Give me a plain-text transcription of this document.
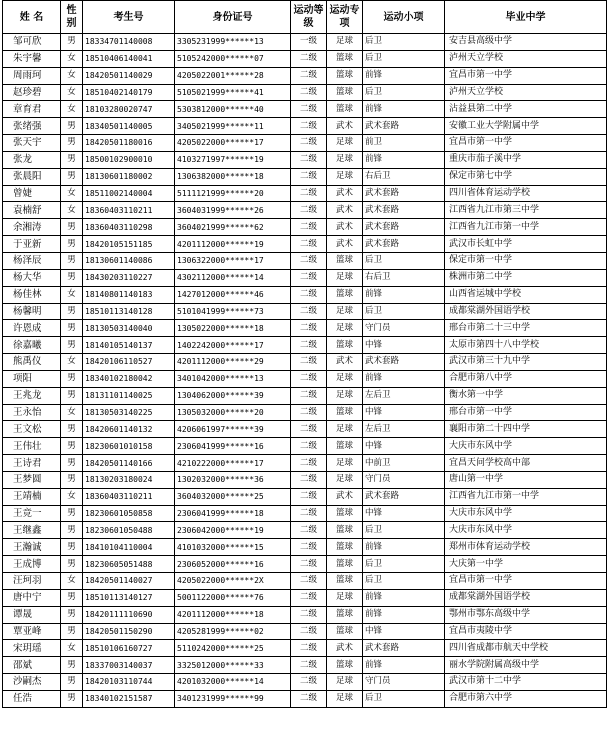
姓 名	性别	考生号	身份证号	运动等级	运动专项	运动小项	毕业中学
邹可欣	男	18334701140008	3305231999******13	一级	足球	后卫	安吉县高级中学
朱宇馨	女	18510406140041	5105242000******07	二级	篮球	后卫	泸州天立学校
周雨珂	女	18420501140029	4205022001******28	二级	篮球	前锋	宜昌市第一中学
赵珍碧	女	18510402140179	5105021999******41	二级	篮球	后卫	泸州天立学校
章育君	女	18103280020747	5303812000******40	二级	篮球	前锋	沾益县第二中学
张绪强	男	18340501140005	3405021999******11	二级	武术	武术套路	安徽工业大学附属中学
张天宇	男	18420501180016	4205022000******17	二级	足球	前卫	宜昌市第一中学
张龙	男	18500102900010	4103271997******19	二级	足球	前锋	重庆市茄子溪中学
张晨阳	男	18130601180002	1306382000******18	二级	足球	右后卫	保定市第七中学
曾婕	女	18511002140004	5111121999******20	二级	武术	武术套路	四川省体育运动学校
袁楠舒	女	18360403110211	3604031999******26	二级	武术	武术套路	江西省九江市第三中学
余湘涛	男	18360403110298	3604021999******62	二级	武术	武术套路	江西省九江市第一中学
于亚新	男	18420105151185	4201112000******19	二级	武术	武术套路	武汉市长虹中学
杨泽辰	男	18130601140086	1306322000******17	二级	篮球	后卫	保定市第一中学
杨大华	男	18430203110227	4302112000******14	二级	足球	右后卫	株洲市第二中学
杨佳林	女	18140801140183	1427012000******46	二级	篮球	前锋	山西省运城中学校
杨馨明	男	18510113140128	5101041999******73	二级	足球	后卫	成都棠湖外国语学校
许恩成	男	18130503140040	1305022000******18	二级	足球	守门员	邢台市第二十三中学
徐嘉曦	男	18140105140137	1402242000******17	二级	篮球	中锋	太原市第四十八中学校
熊禹仪	女	18420106110527	4201112000******29	二级	武术	武术套路	武汉市第三十九中学
项阳	男	18340102180042	3401042000******13	二级	足球	前锋	合肥市第八中学
王兆龙	男	18131101140025	1304062000******39	二级	足球	左后卫	衡水第一中学
王永怡	女	18130503140225	1305032000******20	二级	篮球	中锋	邢台市第一中学
王文松	男	18420601140132	4206061997******39	二级	足球	左后卫	襄阳市第二十四中学
王伟壮	男	18230601010158	2306041999******16	二级	篮球	中锋	大庆市东风中学
王诗君	男	18420501140166	4210222000******17	二级	足球	中前卫	宜昌天问学校高中部
王梦圆	男	18130203180024	1302032000******36	二级	足球	守门员	唐山第一中学
王靖楠	女	18360403110211	3604032000******25	二级	武术	武术套路	江西省九江市第一中学
王竞一	男	18230601050858	2306041999******18	二级	篮球	中锋	大庆市东风中学
王继鑫	男	18230601050488	2306042000******19	二级	篮球	后卫	大庆市东风中学
王瀚诚	男	18410104110004	4101032000******15	二级	篮球	前锋	郑州市体育运动学校
王成博	男	18230605051488	2306052000******16	二级	篮球	后卫	大庆第一中学
汪珂羽	女	18420501140027	4205022000******2X	二级	篮球	后卫	宜昌市第一中学
唐中宁	男	18510113140127	5001122000******76	二级	足球	前锋	成都棠湖外国语学校
谭晟	男	18420111110690	4201112000******18	二级	篮球	前锋	鄂州市鄂东高级中学
覃亚峰	男	18420501150290	4205281999******02	二级	篮球	中锋	宜昌市夷陵中学
宋玥瑶	女	18510106160727	5110242000******25	二级	武术	武术套路	四川省成都市航天中学校
邵斌	男	18337003140037	3325012000******33	二级	篮球	前锋	丽水学院附属高级中学
沙嗣杰	男	18420103110744	4201032000******14	二级	足球	守门员	武汉市第十二中学
任浩	男	18340102151587	3401231999******99	二级	足球	后卫	合肥市第六中学
